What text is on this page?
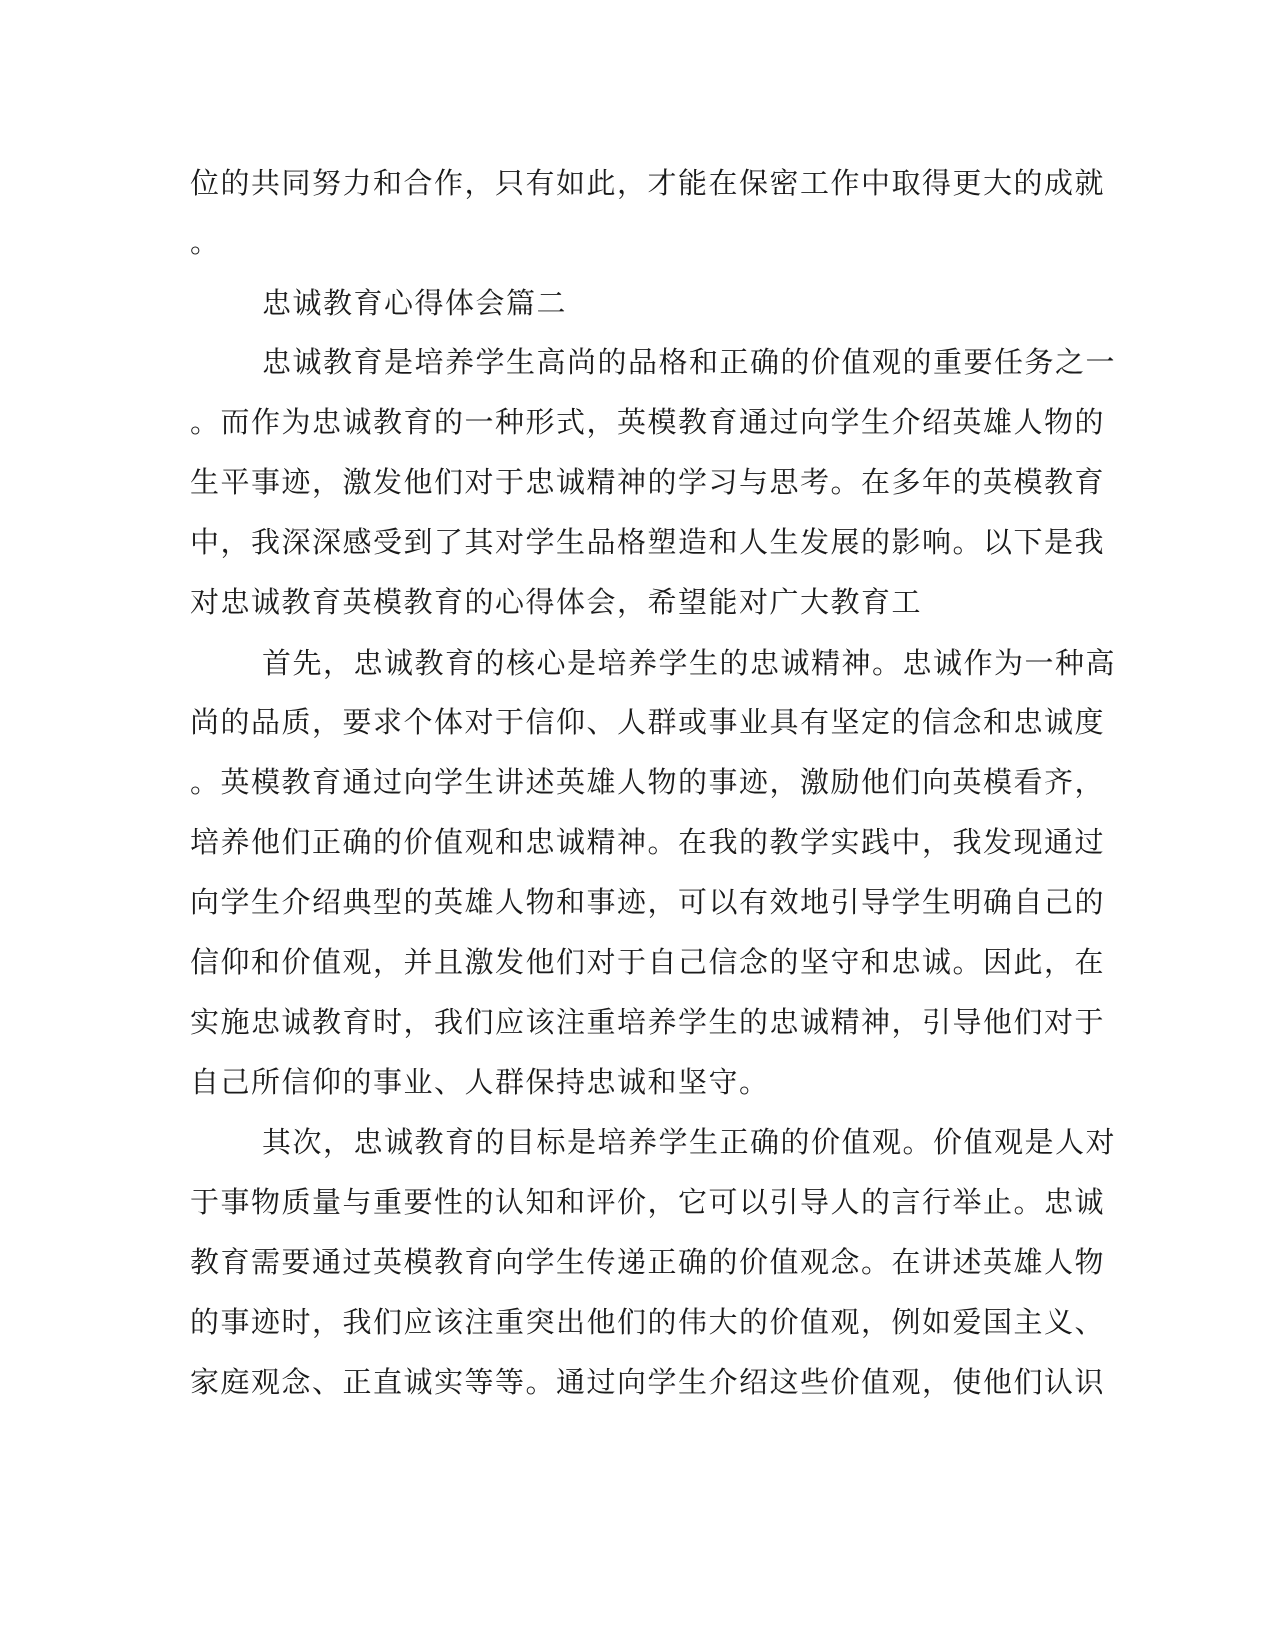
位的共同努力和合作，只有如此，才能在保密工作中取得更大的成就
。
忠诚教育心得体会篇二
忠诚教育是培养学生高尚的品格和正确的价值观的重要任务之一
。而作为忠诚教育的一种形式，英模教育通过向学生介绍英雄人物的
生平事迹，激发他们对于忠诚精神的学习与思考。在多年的英模教育
中，我深深感受到了其对学生品格塑造和人生发展的影响。以下是我
对忠诚教育英模教育的心得体会，希望能对广大教育工
首先，忠诚教育的核心是培养学生的忠诚精神。忠诚作为一种高
尚的品质，要求个体对于信仰、人群或事业具有坚定的信念和忠诚度
。英模教育通过向学生讲述英雄人物的事迹，激励他们向英模看齐，
培养他们正确的价值观和忠诚精神。在我的教学实践中，我发现通过
向学生介绍典型的英雄人物和事迹，可以有效地引导学生明确自己的
信仰和价值观，并且激发他们对于自己信念的坚守和忠诚。因此，在
实施忠诚教育时，我们应该注重培养学生的忠诚精神，引导他们对于
自己所信仰的事业、人群保持忠诚和坚守。
其次，忠诚教育的目标是培养学生正确的价值观。价值观是人对
于事物质量与重要性的认知和评价，它可以引导人的言行举止。忠诚
教育需要通过英模教育向学生传递正确的价值观念。在讲述英雄人物
的事迹时，我们应该注重突出他们的伟大的价值观，例如爱国主义、
家庭观念、正直诚实等等。通过向学生介绍这些价值观，使他们认识
